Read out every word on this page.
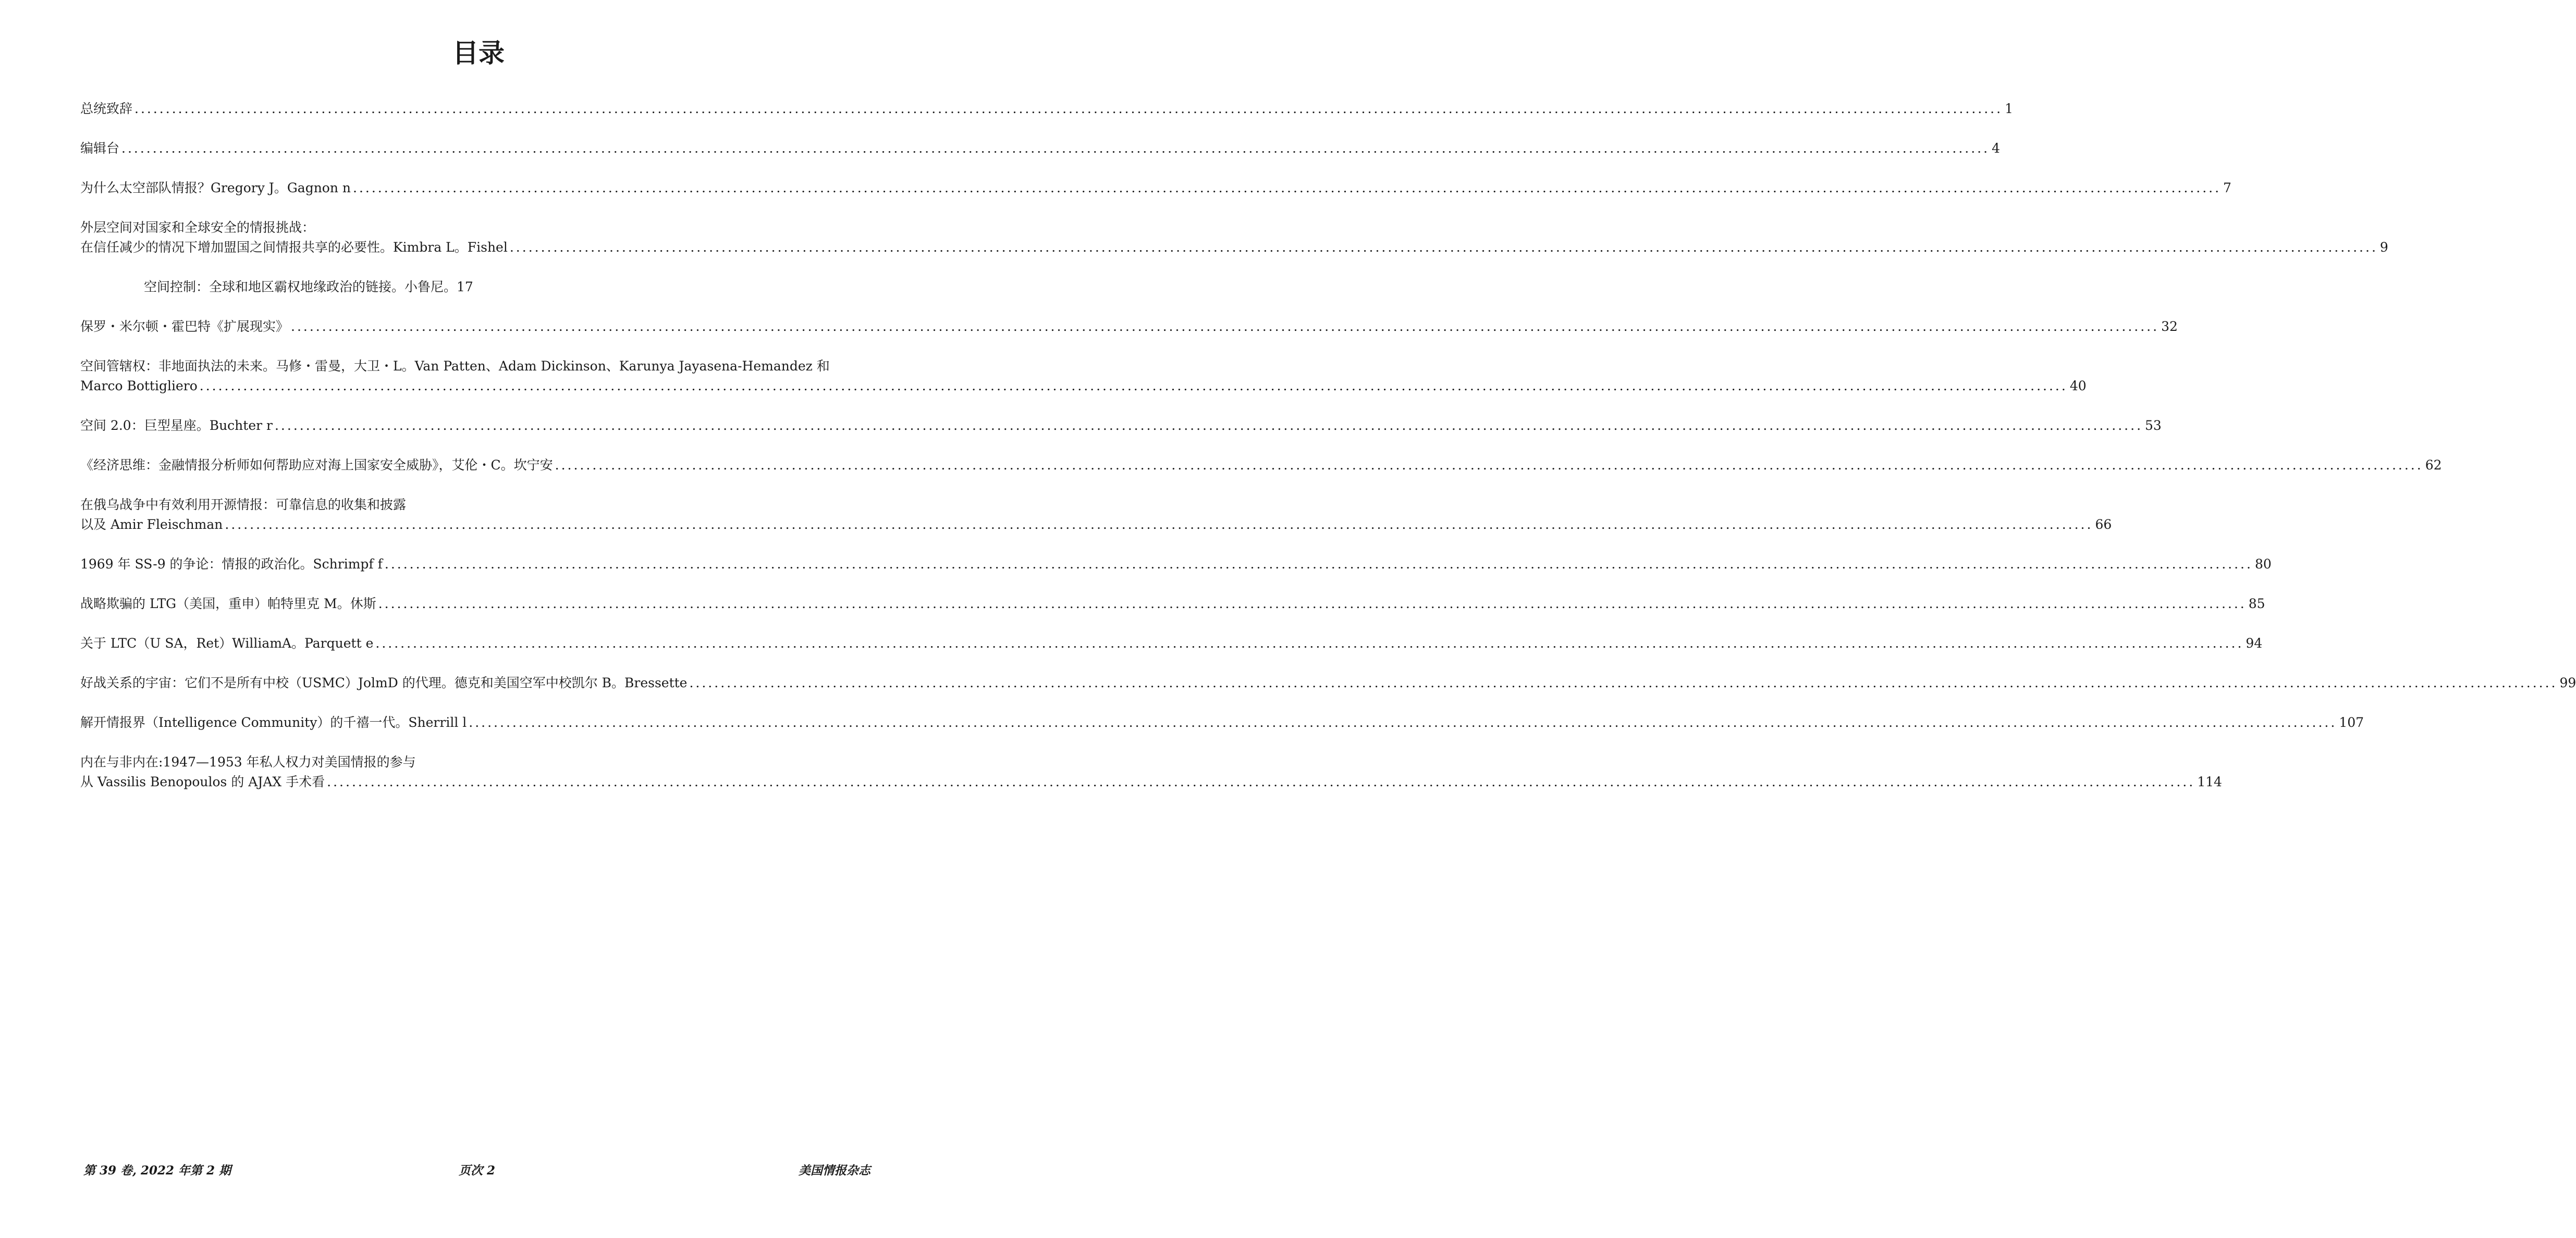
目录
总统致辞 ............................................................................................................................................................................................................................................................................................................ 1
编辑台 ............................................................................................................................................................................................................................................................................................................ 4
为什么太空部队情报？Gregory J。Gagnon n ............................................................................................................................................................................................................................................................................................................ 7
外层空间对国家和全球安全的情报挑战：
在信任减少的情况下增加盟国之间情报共享的必要性。Kimbra L。Fishel ............................................................................................................................................................................................................................................................................................................ 9
空间控制：全球和地区霸权地缘政治的链接。小鲁尼。17
保罗・米尔顿・霍巴特《扩展现实》 ............................................................................................................................................................................................................................................................................................................ 32
空间管辖权：非地面执法的未来。马修・雷曼，大卫・L。Van Patten、Adam Dickinson、Karunya Jayasena-Hemandez 和
Marco Bottigliero ............................................................................................................................................................................................................................................................................................................ 40
空间 2.0：巨型星座。Buchter r ............................................................................................................................................................................................................................................................................................................ 53
《经济思维：金融情报分析师如何帮助应对海上国家安全威胁》，艾伦・C。坎宁安 ............................................................................................................................................................................................................................................................................................................ 62
在俄乌战争中有效利用开源情报：可靠信息的收集和披露
以及 Amir Fleischman ............................................................................................................................................................................................................................................................................................................ 66
1969 年 SS-9 的争论：情报的政治化。Schrimpf f ............................................................................................................................................................................................................................................................................................................ 80
战略欺骗的 LTG（美国，重申）帕特里克 M。休斯 ............................................................................................................................................................................................................................................................................................................ 85
关于 LTC（U SA，Ret）WilliamA。Parquett e ............................................................................................................................................................................................................................................................................................................ 94
好战关系的宇宙：它们不是所有中校（USMC）JolmD 的代理。德克和美国空军中校凯尔 B。Bressette ............................................................................................................................................................................................................................................................................................................ 99
解开情报界（Intelligence Community）的千禧一代。Sherrill l ............................................................................................................................................................................................................................................................................................................ 107
内在与非内在:1947—1953 年私人权力对美国情报的参与
从 Vassilis Benopoulos 的 AJAX 手术看 ............................................................................................................................................................................................................................................................................................................ 114
第 39 卷, 2022 年第 2 期	页次 2	美国情报杂志
